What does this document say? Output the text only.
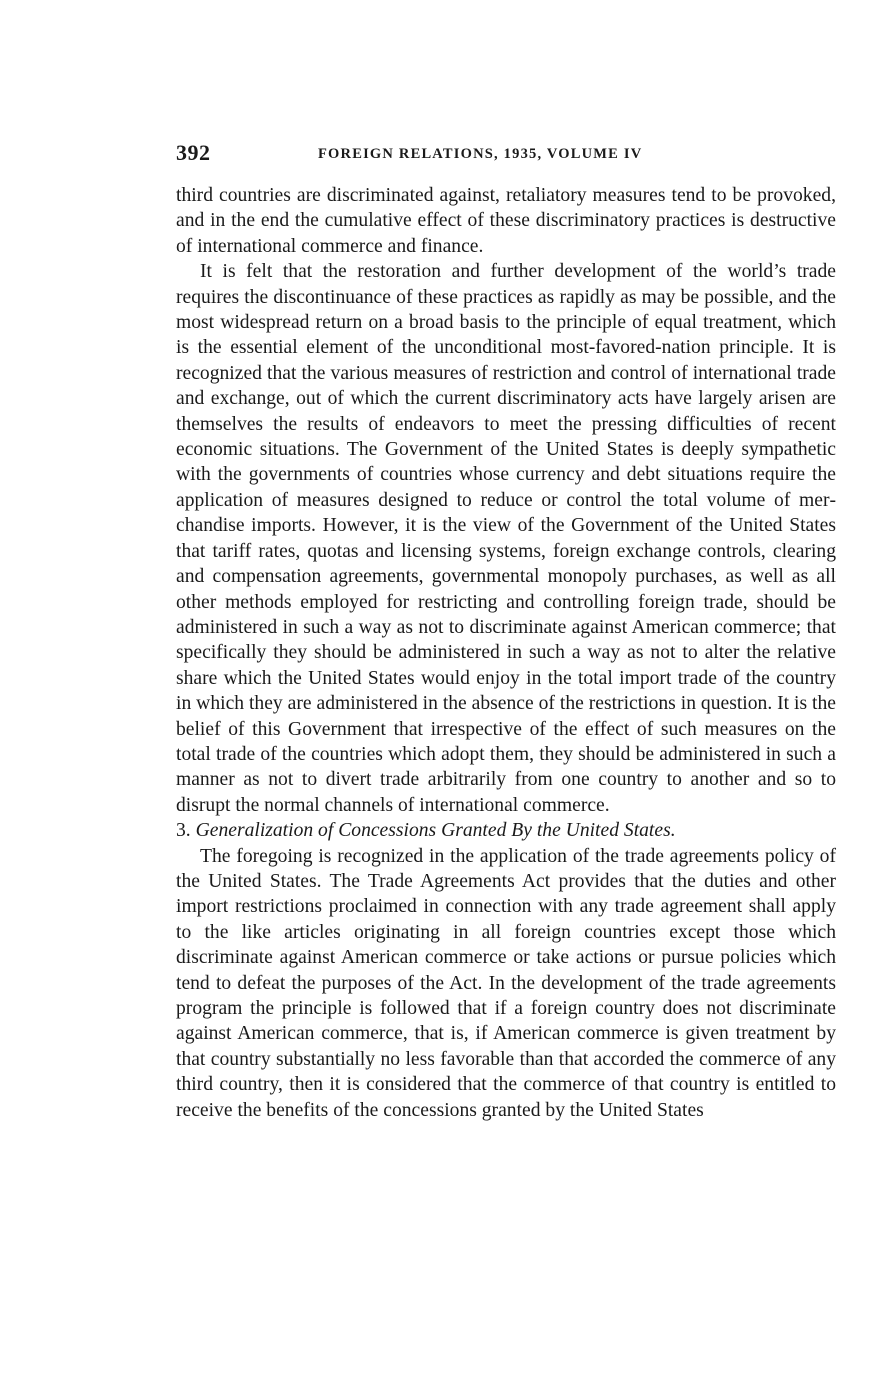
392	FOREIGN RELATIONS, 1935, VOLUME IV

third countries are discriminated against, retaliatory measures tend to be provoked, and in the end the cumulative effect of these discriminatory practices is destructive of international commerce and finance.

It is felt that the restoration and further development of the world’s trade requires the discontinuance of these practices as rapidly as may be possible, and the most widespread return on a broad basis to the principle of equal treatment, which is the essential element of the unconditional most-favored-nation principle. It is recognized that the various measures of restriction and control of international trade and exchange, out of which the current discriminatory acts have largely arisen are themselves the results of endeavors to meet the pressing difficulties of recent economic situations. The Government of the United States is deeply sympathetic with the governments of countries whose currency and debt situations require the application of measures designed to reduce or control the total volume of merchandise imports. However, it is the view of the Government of the United States that tariff rates, quotas and licensing systems, foreign exchange controls, clearing and compensation agreements, governmental monopoly purchases, as well as all other methods employed for restricting and controlling foreign trade, should be administered in such a way as not to discriminate against American commerce; that specifically they should be administered in such a way as not to alter the relative share which the United States would enjoy in the total import trade of the country in which they are administered in the absence of the restrictions in question. It is the belief of this Government that irrespective of the effect of such measures on the total trade of the countries which adopt them, they should be administered in such a manner as not to divert trade arbitrarily from one country to another and so to disrupt the normal channels of international commerce.

3. Generalization of Concessions Granted By the United States.

The foregoing is recognized in the application of the trade agreements policy of the United States. The Trade Agreements Act provides that the duties and other import restrictions proclaimed in connection with any trade agreement shall apply to the like articles originating in all foreign countries except those which discriminate against American commerce or take actions or pursue policies which tend to defeat the purposes of the Act. In the development of the trade agreements program the principle is followed that if a foreign country does not discriminate against American commerce, that is, if American commerce is given treatment by that country substantially no less favorable than that accorded the commerce of any third country, then it is considered that the commerce of that country is entitled to receive the benefits of the concessions granted by the United States
